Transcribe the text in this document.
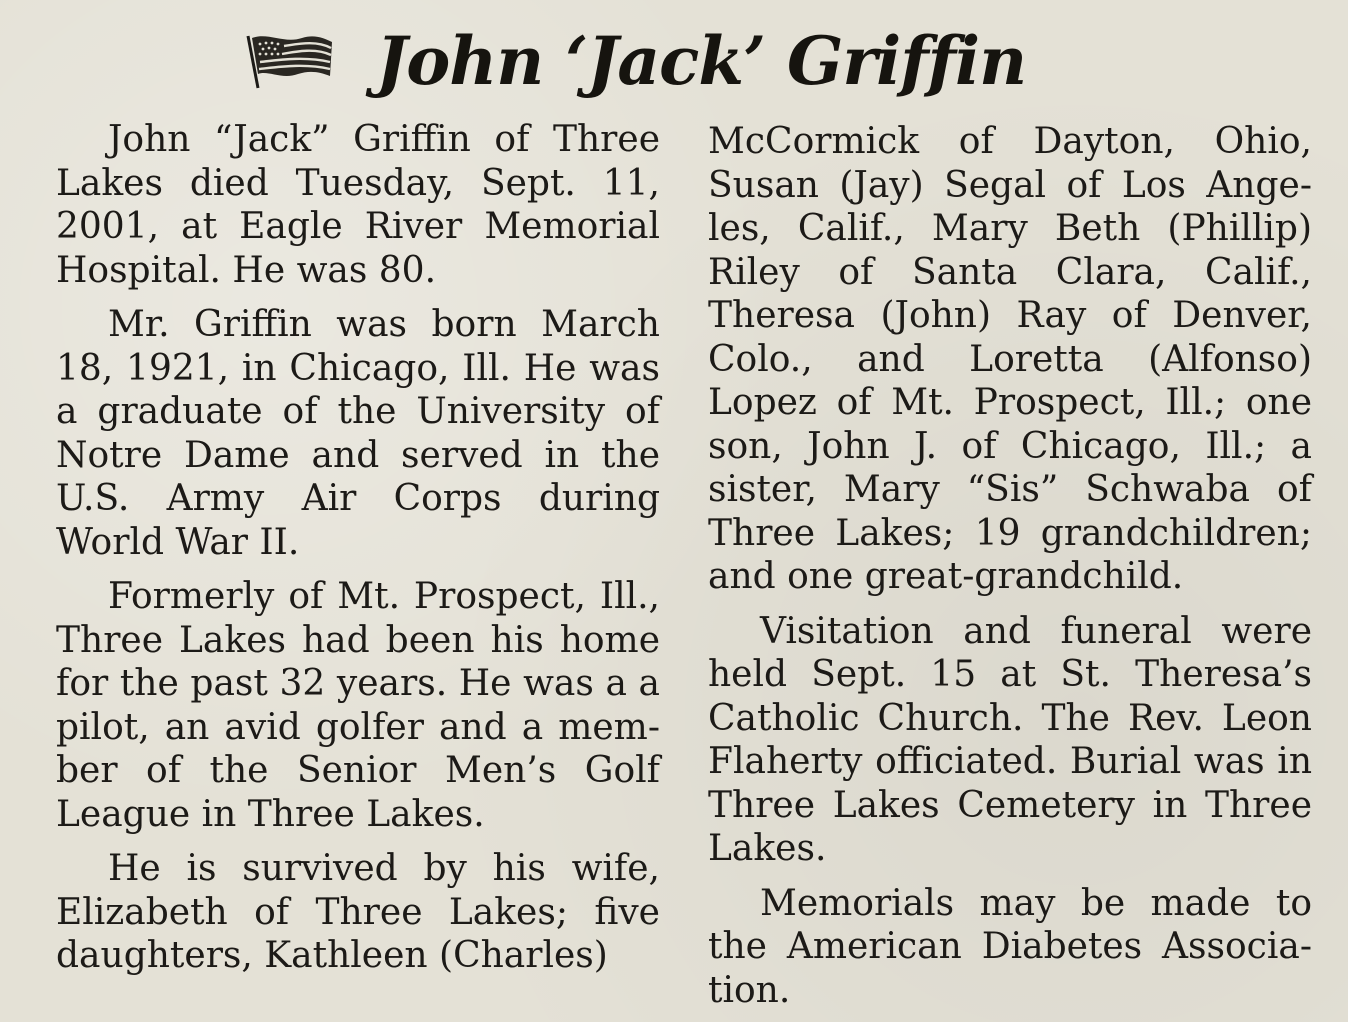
John ‘Jack’ Griffin

John “Jack” Griffin of Three Lakes died Tuesday, Sept. 11, 2001, at Eagle River Memorial Hospital. He was 80.

Mr. Griffin was born March 18, 1921, in Chicago, Ill. He was a graduate of the University of Notre Dame and served in the U.S. Army Air Corps during World War II.

Formerly of Mt. Prospect, Ill., Three Lakes had been his home for the past 32 years. He was a a pilot, an avid golfer and a member of the Senior Men’s Golf League in Three Lakes.

He is survived by his wife, Elizabeth of Three Lakes; five daughters, Kathleen (Charles)

McCormick of Dayton, Ohio, Susan (Jay) Segal of Los Angeles, Calif., Mary Beth (Phillip) Riley of Santa Clara, Calif., Theresa (John) Ray of Denver, Colo., and Loretta (Alfonso) Lopez of Mt. Prospect, Ill.; one son, John J. of Chicago, Ill.; a sister, Mary “Sis” Schwaba of Three Lakes; 19 grandchildren; and one great-grandchild.

Visitation and funeral were held Sept. 15 at St. Theresa’s Catholic Church. The Rev. Leon Flaherty officiated. Burial was in Three Lakes Cemetery in Three Lakes.

Memorials may be made to the American Diabetes Association.
